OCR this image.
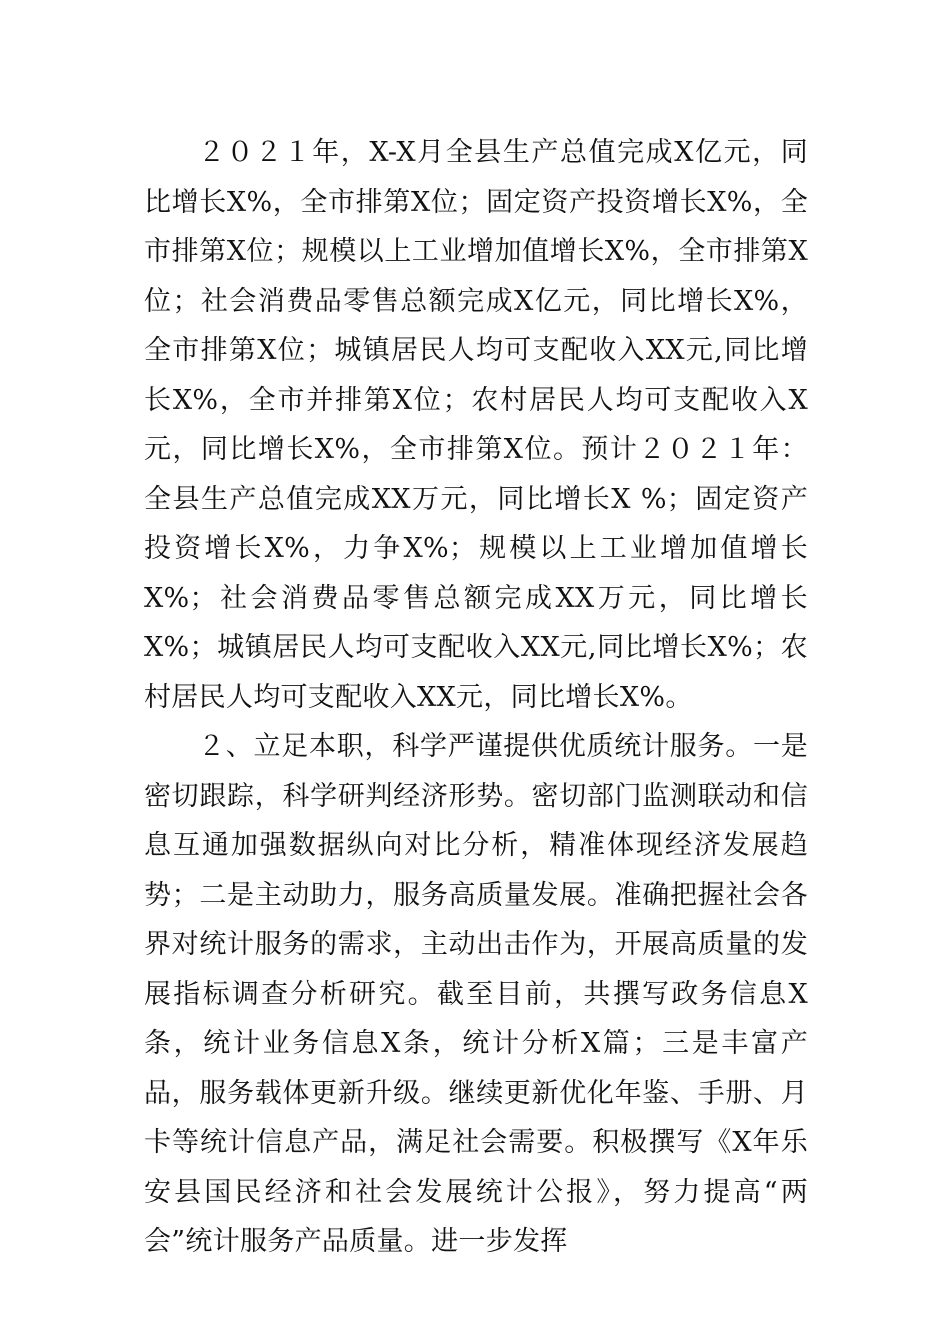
２０２１年，X-X月全县生产总值完成X亿元，同比增长X%，全市排第X位；固定资产投资增长X%，全市排第X位；规模以上工业增加值增长X%，全市排第X位；社会消费品零售总额完成X亿元，同比增长X%，全市排第X位；城镇居民人均可支配收入XX元,同比增长X%，全市并排第X位；农村居民人均可支配收入X元，同比增长X%，全市排第X位。预计２０２１年：全县生产总值完成XX万元，同比增长X %；固定资产投资增长X%，力争X%；规模以上工业增加值增长X%；社会消费品零售总额完成XX万元，同比增长X%；城镇居民人均可支配收入XX元,同比增长X%；农村居民人均可支配收入XX元，同比增长X%。

２、立足本职，科学严谨提供优质统计服务。一是密切跟踪，科学研判经济形势。密切部门监测联动和信息互通加强数据纵向对比分析，精准体现经济发展趋势；二是主动助力，服务高质量发展。准确把握社会各界对统计服务的需求，主动出击作为，开展高质量的发展指标调查分析研究。截至目前，共撰写政务信息X条，统计业务信息X条，统计分析X篇；三是丰富产品，服务载体更新升级。继续更新优化年鉴、手册、月卡等统计信息产品，满足社会需要。积极撰写《X年乐安县国民经济和社会发展统计公报》，努力提高“两会”统计服务产品质量。进一步发挥
